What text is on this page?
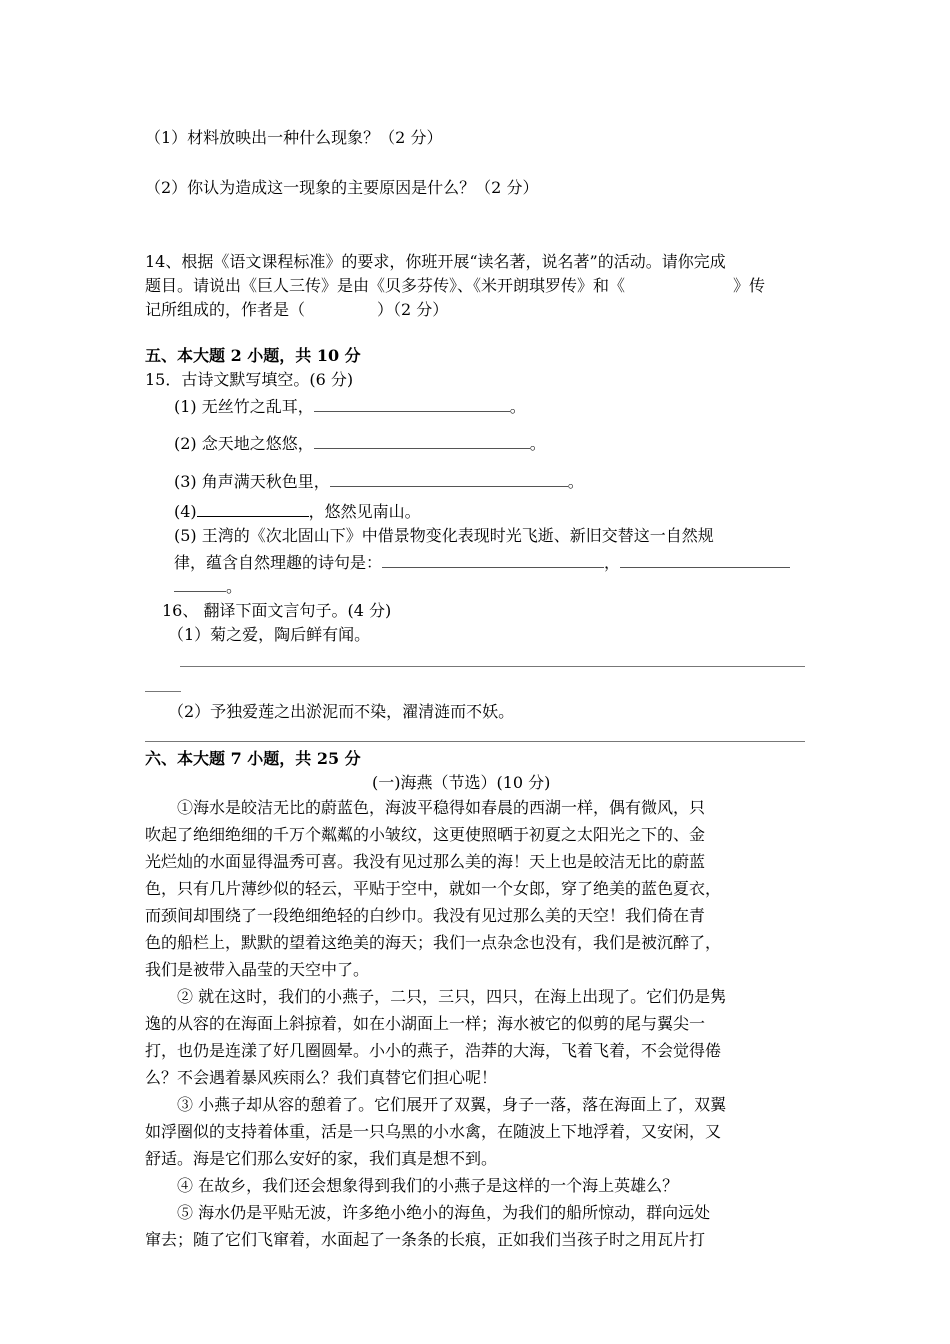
（1）材料放映出一种什么现象？（2 分）
（2）你认为造成这一现象的主要原因是什么？（2 分）
14、根据《语文课程标准》的要求，你班开展“读名著，说名著”的活动。请你完成
题目。请说出《巨人三传》是由《贝多芬传》、《米开朗琪罗传》和《	》传
记所组成的，作者是（	）（2 分）
五、本大题 2 小题，共 10 分
15．古诗文默写填空。(6 分)
(1) 无丝竹之乱耳，	。
(2) 念天地之悠悠，	。
(3) 角声满天秋色里，	。
(4)	，悠然见南山。
(5) 王湾的《次北固山下》中借景物变化表现时光飞逝、新旧交替这一自然规
律，蕴含自然理趣的诗句是：	，
。
16、 翻译下面文言句子。(4 分)
（1）菊之爱，陶后鲜有闻。
（2）予独爱莲之出淤泥而不染，濯清涟而不妖。
六、本大题 7 小题，共 25 分
(一)海燕（节选）(10 分)
①海水是皎洁无比的蔚蓝色，海波平稳得如春晨的西湖一样，偶有微风，只
吹起了绝细绝细的千万个粼粼的小皱纹，这更使照晒于初夏之太阳光之下的、金
光烂灿的水面显得温秀可喜。我没有见过那么美的海！天上也是皎洁无比的蔚蓝
色，只有几片薄纱似的轻云，平贴于空中，就如一个女郎，穿了绝美的蓝色夏衣，
而颈间却围绕了一段绝细绝轻的白纱巾。我没有见过那么美的天空！我们倚在青
色的船栏上，默默的望着这绝美的海天；我们一点杂念也没有，我们是被沉醉了，
我们是被带入晶莹的天空中了。
② 就在这时，我们的小燕子，二只，三只，四只，在海上出现了。它们仍是隽
逸的从容的在海面上斜掠着，如在小湖面上一样；海水被它的似剪的尾与翼尖一
打，也仍是连漾了好几圈圆晕。小小的燕子，浩莽的大海，飞着飞着，不会觉得倦
么？不会遇着暴风疾雨么？我们真替它们担心呢！
③ 小燕子却从容的憩着了。它们展开了双翼，身子一落，落在海面上了，双翼
如浮圈似的支持着体重，活是一只乌黑的小水禽，在随波上下地浮着，又安闲，又
舒适。海是它们那么安好的家，我们真是想不到。
④ 在故乡，我们还会想象得到我们的小燕子是这样的一个海上英雄么？
⑤ 海水仍是平贴无波，许多绝小绝小的海鱼，为我们的船所惊动，群向远处
窜去；随了它们飞窜着，水面起了一条条的长痕，正如我们当孩子时之用瓦片打
